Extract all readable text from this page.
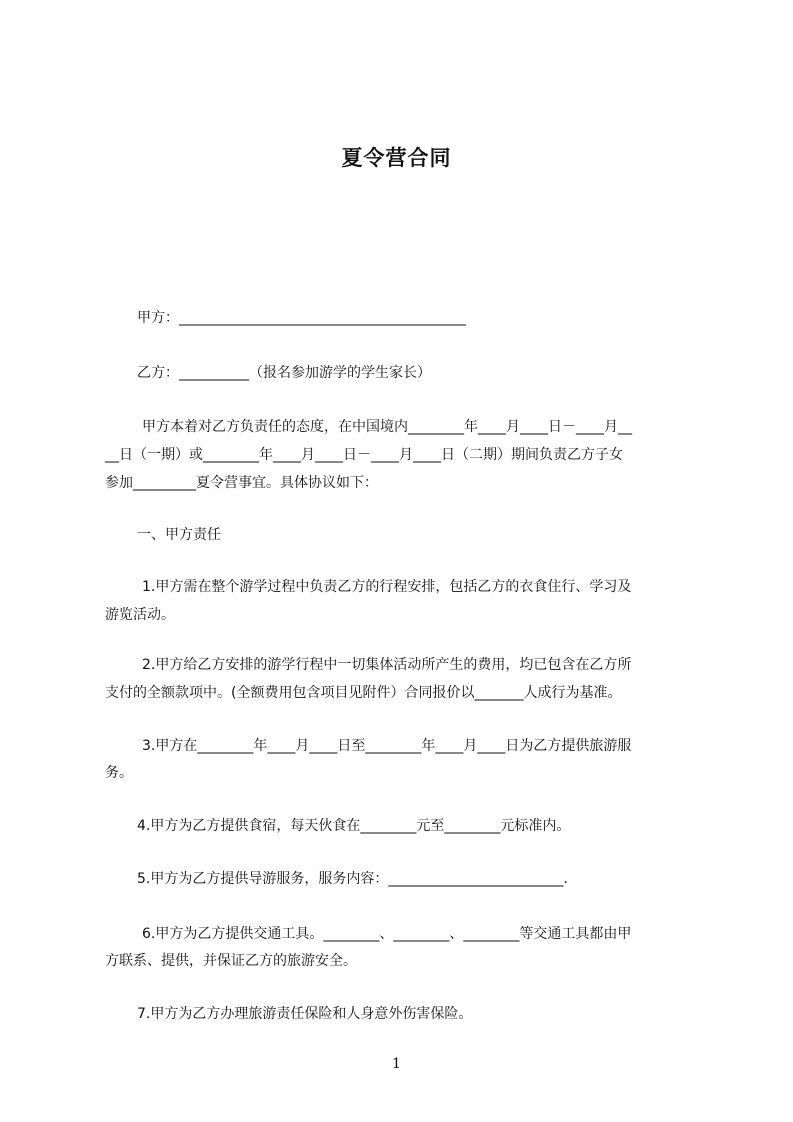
夏令营合同

甲方：_________________________________________

乙方：__________（报名参加游学的学生家长）

甲方本着对乙方负责任的态度，在中国境内________年____月____日－____月__

__日（一期）或________年____月____日－____月____日（二期）期间负责乙方子女

参加_________夏令营事宜。具体协议如下：

一、甲方责任

1.甲方需在整个游学过程中负责乙方的行程安排，包括乙方的衣食住行、学习及

游览活动。

2.甲方给乙方安排的游学行程中一切集体活动所产生的费用，均已包含在乙方所

支付的全额款项中。(全额费用包含项目见附件）合同报价以_______人成行为基准。

3.甲方在________年____月____日至________年____月____日为乙方提供旅游服

务。

4.甲方为乙方提供食宿，每天伙食在________元至________元标准内。

5.甲方为乙方提供导游服务，服务内容：_________________________.

6.甲方为乙方提供交通工具。________、________、________等交通工具都由甲

方联系、提供，并保证乙方的旅游安全。

7.甲方为乙方办理旅游责任保险和人身意外伤害保险。

1
